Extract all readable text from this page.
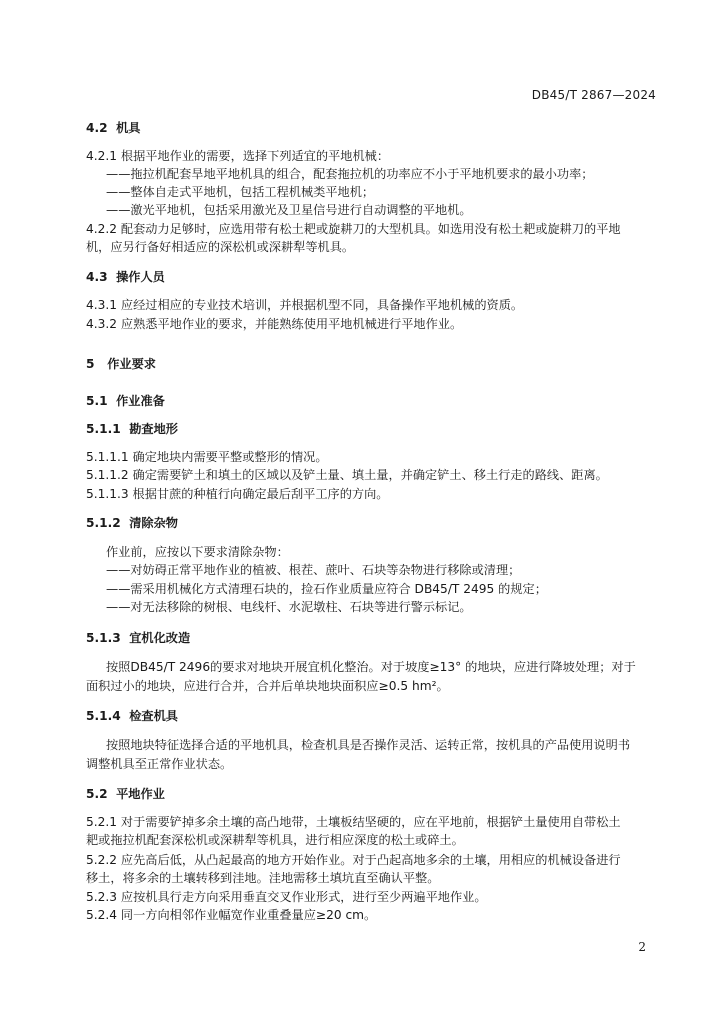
DB45/T 2867—2024
4.2 机具
4.2.1 根据平地作业的需要，选择下列适宜的平地机械：
——拖拉机配套旱地平地机具的组合，配套拖拉机的功率应不小于平地机要求的最小功率；
——整体自走式平地机，包括工程机械类平地机；
——激光平地机，包括采用激光及卫星信号进行自动调整的平地机。
4.2.2 配套动力足够时，应选用带有松土耙或旋耕刀的大型机具。如选用没有松土耙或旋耕刀的平地
机，应另行备好相适应的深松机或深耕犁等机具。
4.3 操作人员
4.3.1 应经过相应的专业技术培训，并根据机型不同，具备操作平地机械的资质。
4.3.2 应熟悉平地作业的要求，并能熟练使用平地机械进行平地作业。
5 作业要求
5.1 作业准备
5.1.1 勘查地形
5.1.1.1 确定地块内需要平整或整形的情况。
5.1.1.2 确定需要铲土和填土的区域以及铲土量、填土量，并确定铲土、移土行走的路线、距离。
5.1.1.3 根据甘蔗的种植行向确定最后刮平工序的方向。
5.1.2 清除杂物
作业前，应按以下要求清除杂物：
——对妨碍正常平地作业的植被、根茬、蔗叶、石块等杂物进行移除或清理；
——需采用机械化方式清理石块的，捡石作业质量应符合 DB45/T 2495 的规定；
——对无法移除的树根、电线杆、水泥墩柱、石块等进行警示标记。
5.1.3 宜机化改造
按照DB45/T 2496的要求对地块开展宜机化整治。对于坡度≥13° 的地块，应进行降坡处理；对于
面积过小的地块，应进行合并，合并后单块地块面积应≥0.5 hm²。
5.1.4 检查机具
按照地块特征选择合适的平地机具，检查机具是否操作灵活、运转正常，按机具的产品使用说明书
调整机具至正常作业状态。
5.2 平地作业
5.2.1 对于需要铲掉多余土壤的高凸地带，土壤板结坚硬的，应在平地前，根据铲土量使用自带松土
耙或拖拉机配套深松机或深耕犁等机具，进行相应深度的松土或碎土。
5.2.2 应先高后低，从凸起最高的地方开始作业。对于凸起高地多余的土壤，用相应的机械设备进行
移土，将多余的土壤转移到洼地。洼地需移土填坑直至确认平整。
5.2.3 应按机具行走方向采用垂直交叉作业形式，进行至少两遍平地作业。
5.2.4 同一方向相邻作业幅宽作业重叠量应≥20 cm。
2
